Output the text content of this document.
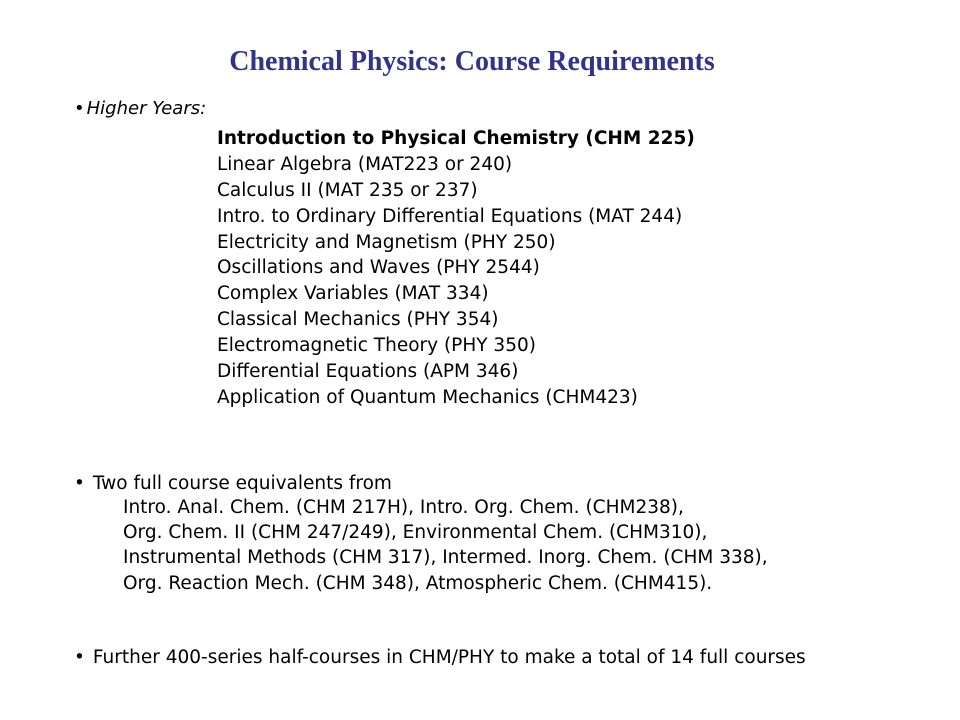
Chemical Physics: Course Requirements
• Higher Years:
Introduction to Physical Chemistry (CHM 225)
Linear Algebra (MAT223 or 240)
Calculus II (MAT 235 or 237)
Intro. to Ordinary Differential Equations (MAT 244)
Electricity and Magnetism (PHY 250)
Oscillations and Waves (PHY 2544)
Complex Variables (MAT 334)
Classical Mechanics (PHY 354)
Electromagnetic Theory (PHY 350)
Differential Equations (APM 346)
Application of Quantum Mechanics (CHM423)
• Two full course equivalents from
Intro. Anal. Chem. (CHM 217H), Intro. Org. Chem. (CHM238),
Org. Chem. II (CHM 247/249), Environmental Chem. (CHM310),
Instrumental Methods (CHM 317), Intermed. Inorg. Chem. (CHM 338),
Org. Reaction Mech. (CHM 348), Atmospheric Chem. (CHM415).
• Further 400-series half-courses in CHM/PHY to make a total of 14 full courses
